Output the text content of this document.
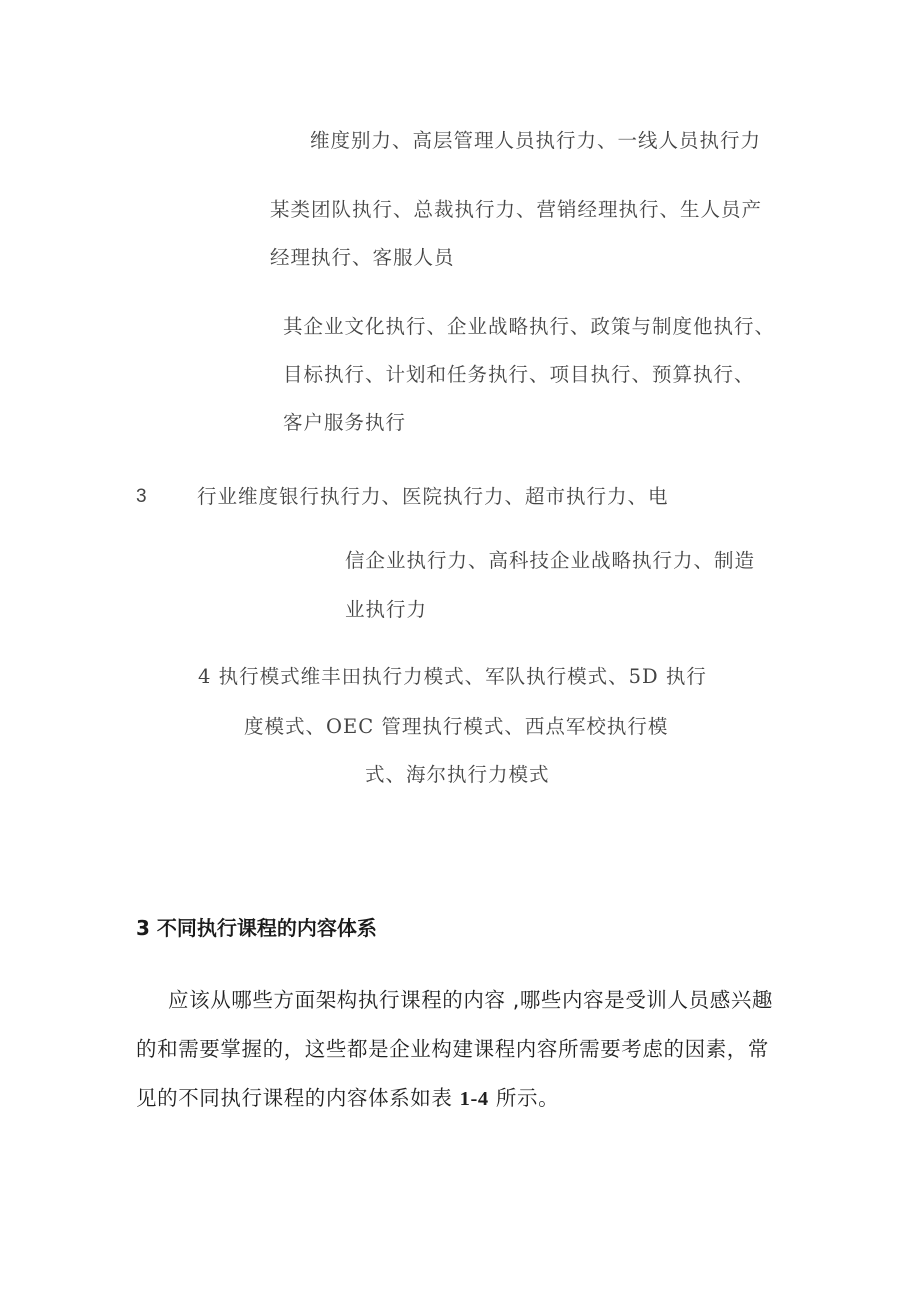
维度别力、高层管理人员执行力、一线人员执行力
某类团队执行、总裁执行力、营销经理执行、生人员产
经理执行、客服人员
其企业文化执行、企业战略执行、政策与制度他执行、
目标执行、计划和任务执行、项目执行、预算执行、
客户服务执行
3	行业维度银行执行力、医院执行力、超市执行力、电
信企业执行力、高科技企业战略执行力、制造
业执行力
4 执行模式维丰田执行力模式、军队执行模式、5D 执行
度模式、OEC 管理执行模式、西点军校执行模
式、海尔执行力模式
3 不同执行课程的内容体系
应该从哪些方面架构执行课程的内容 ,哪些内容是受训人员感兴趣
的和需要掌握的，这些都是企业构建课程内容所需要考虑的因素，常
见的不同执行课程的内容体系如表 1-4 所示。
